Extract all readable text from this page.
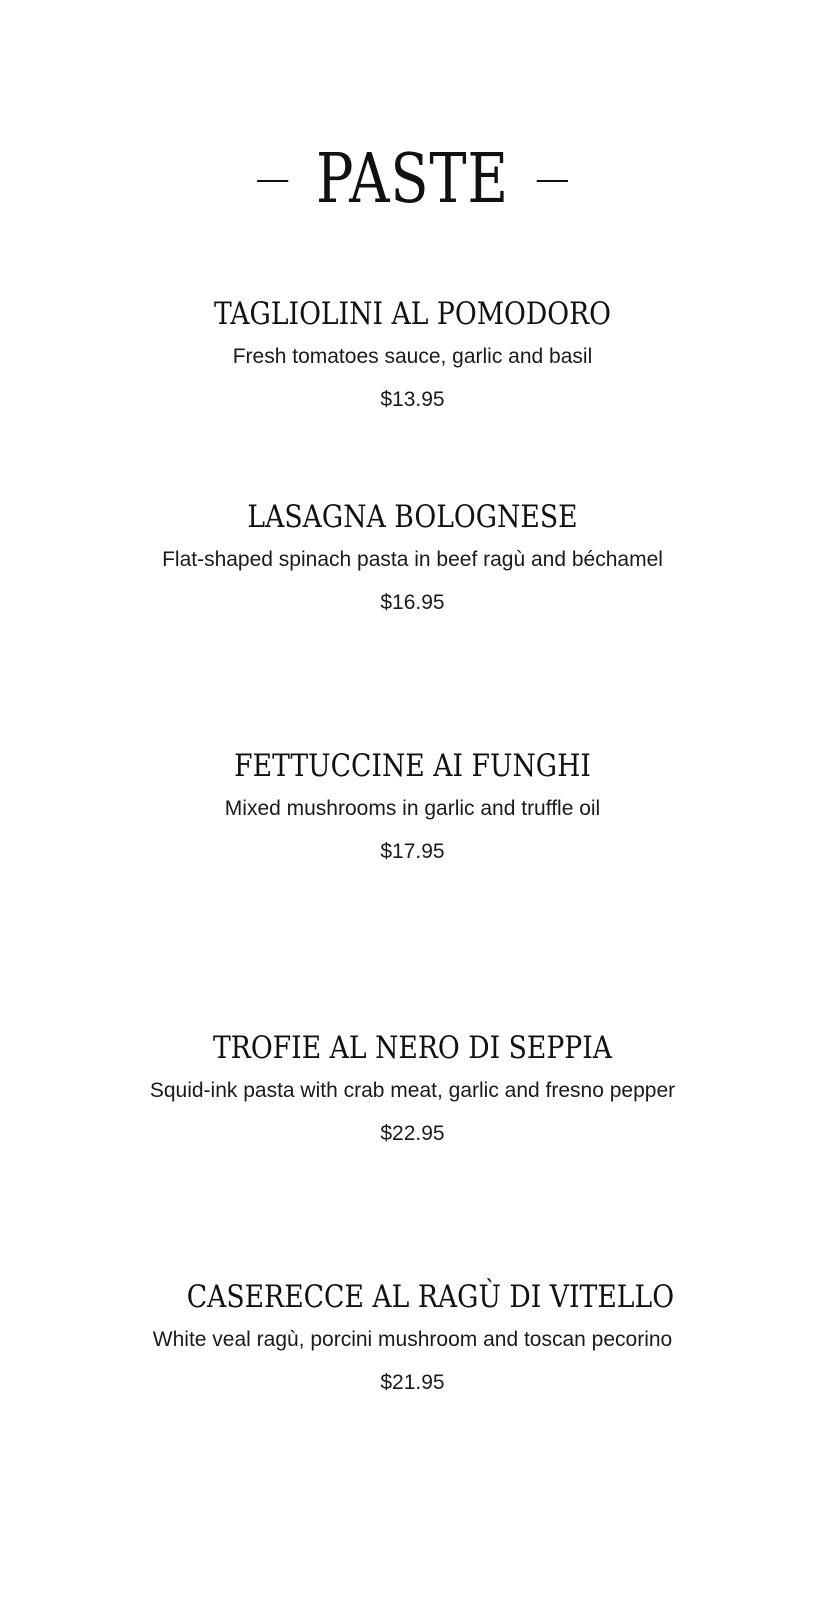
PASTE
TAGLIOLINI AL POMODORO

Fresh tomatoes sauce, garlic and basil

$13.95

LASAGNA BOLOGNESE

Flat-shaped spinach pasta in beef ragù and béchamel

$16.95

FETTUCCINE AI FUNGHI

Mixed mushrooms in garlic and truffle oil

$17.95

TROFIE AL NERO DI SEPPIA

Squid-ink pasta with crab meat, garlic and fresno pepper

$22.95

CASERECCE AL RAGÙ DI VITELLO

White veal ragù, porcini mushroom and toscan pecorino

$21.95
